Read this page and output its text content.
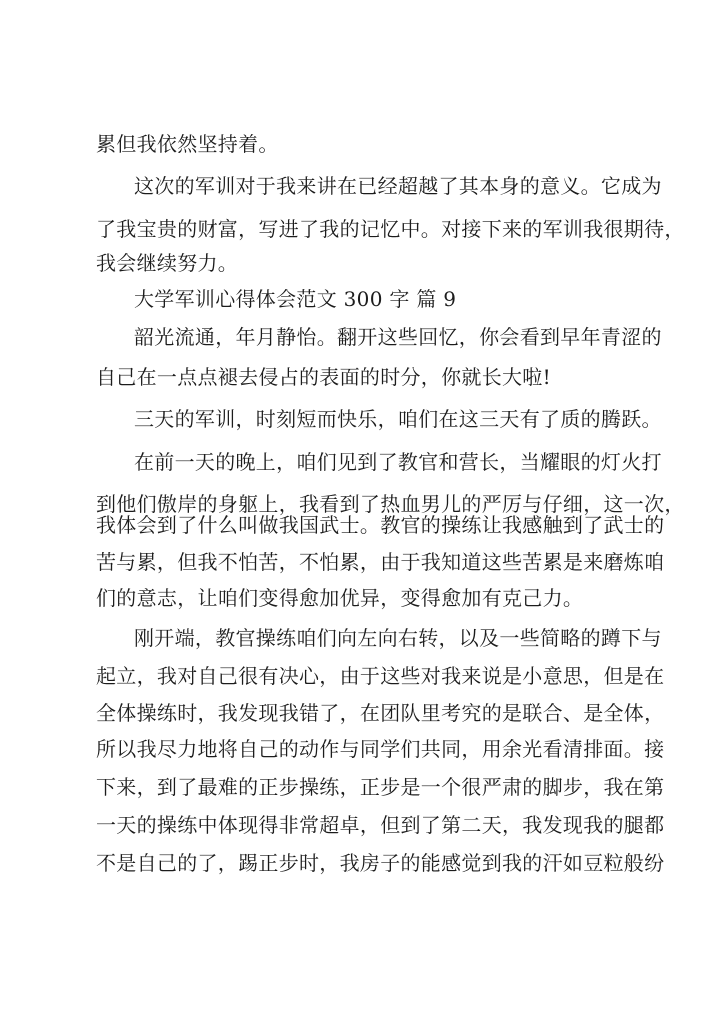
累但我依然坚持着。

这次的军训对于我来讲在已经超越了其本身的意义。它成为

了我宝贵的财富，写进了我的记忆中。对接下来的军训我很期待，

我会继续努力。

大学军训心得体会范文 300 字 篇 9

韶光流通，年月静怡。翻开这些回忆，你会看到早年青涩的

自己在一点点褪去侵占的表面的时分，你就长大啦!

三天的军训，时刻短而快乐，咱们在这三天有了质的腾跃。

在前一天的晚上，咱们见到了教官和营长，当耀眼的灯火打

到他们傲岸的身躯上，我看到了热血男儿的严厉与仔细，这一次，

我体会到了什么叫做我国武士。教官的操练让我感触到了武士的

苦与累，但我不怕苦，不怕累，由于我知道这些苦累是来磨炼咱

们的意志，让咱们变得愈加优异，变得愈加有克己力。

刚开端，教官操练咱们向左向右转，以及一些简略的蹲下与

起立，我对自己很有决心，由于这些对我来说是小意思，但是在

全体操练时，我发现我错了，在团队里考究的是联合、是全体，

所以我尽力地将自己的动作与同学们共同，用余光看清排面。接

下来，到了最难的正步操练，正步是一个很严肃的脚步，我在第

一天的操练中体现得非常超卓，但到了第二天，我发现我的腿都

不是自己的了，踢正步时，我房子的能感觉到我的汗如豆粒般纷
